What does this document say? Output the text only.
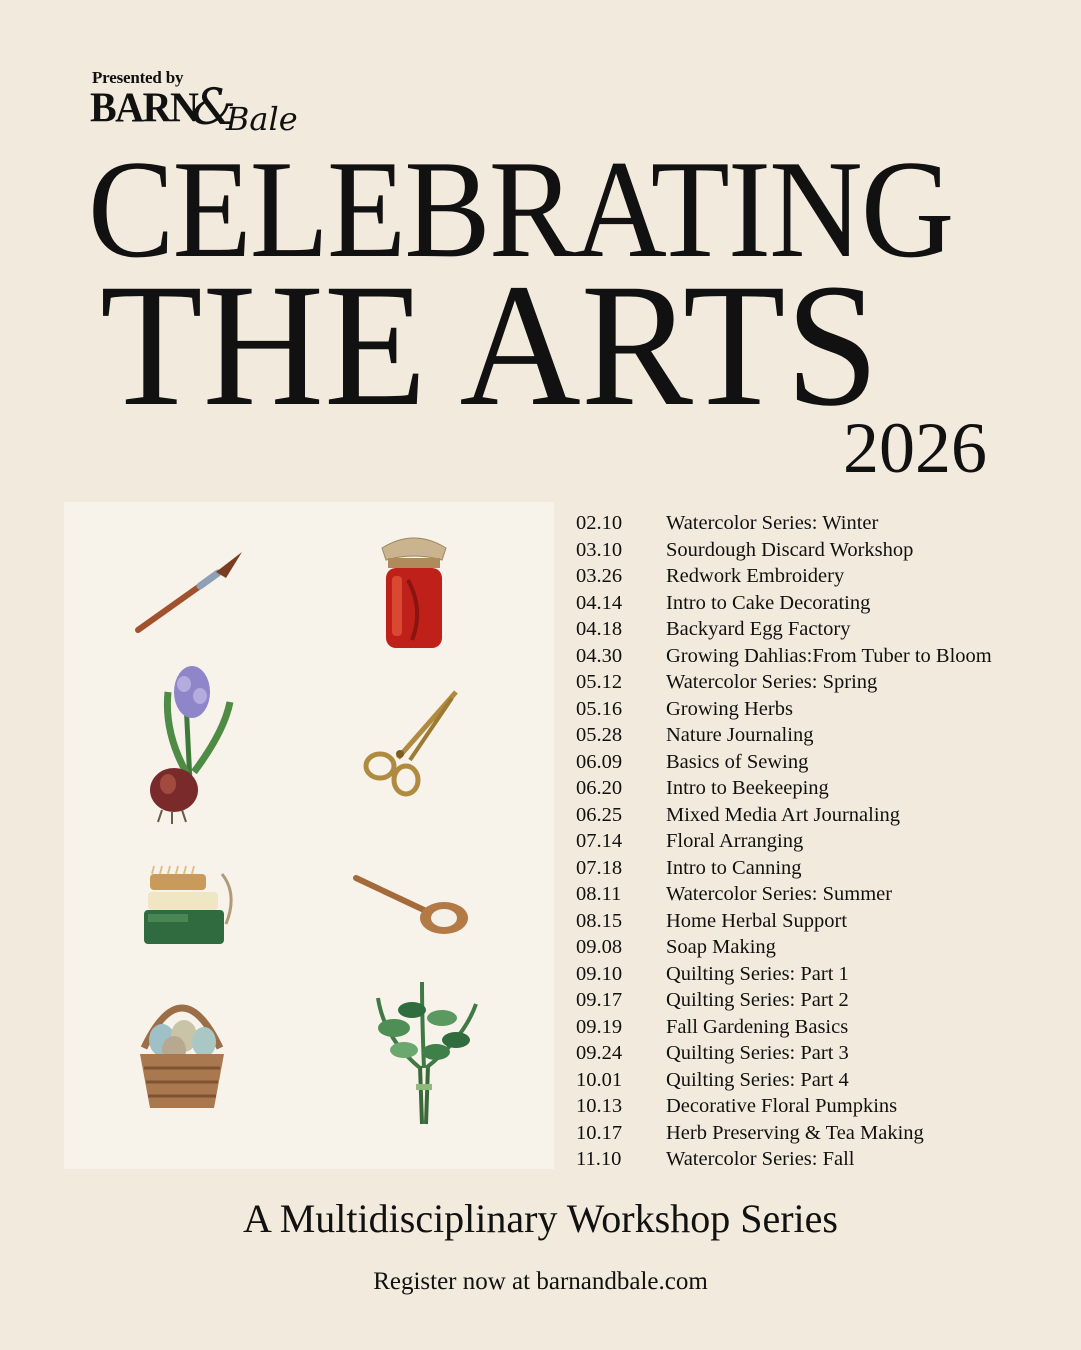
Presented by
BARN&Bale
CELEBRATING
THE ARTS
2026
02.10 Watercolor Series: Winter
03.10 Sourdough Discard Workshop
03.26 Redwork Embroidery
04.14 Intro to Cake Decorating
04.18 Backyard Egg Factory
04.30 Growing Dahlias:From Tuber to Bloom
05.12 Watercolor Series: Spring
05.16 Growing Herbs
05.28 Nature Journaling
06.09 Basics of Sewing
06.20 Intro to Beekeeping
06.25 Mixed Media Art Journaling
07.14 Floral Arranging
07.18 Intro to Canning
08.11 Watercolor Series: Summer
08.15 Home Herbal Support
09.08 Soap Making
09.10 Quilting Series: Part 1
09.17 Quilting Series: Part 2
09.19 Fall Gardening Basics
09.24 Quilting Series: Part 3
10.01 Quilting Series: Part 4
10.13 Decorative Floral Pumpkins
10.17 Herb Preserving & Tea Making
11.10 Watercolor Series: Fall
A Multidisciplinary Workshop Series
Register now at barnandbale.com
